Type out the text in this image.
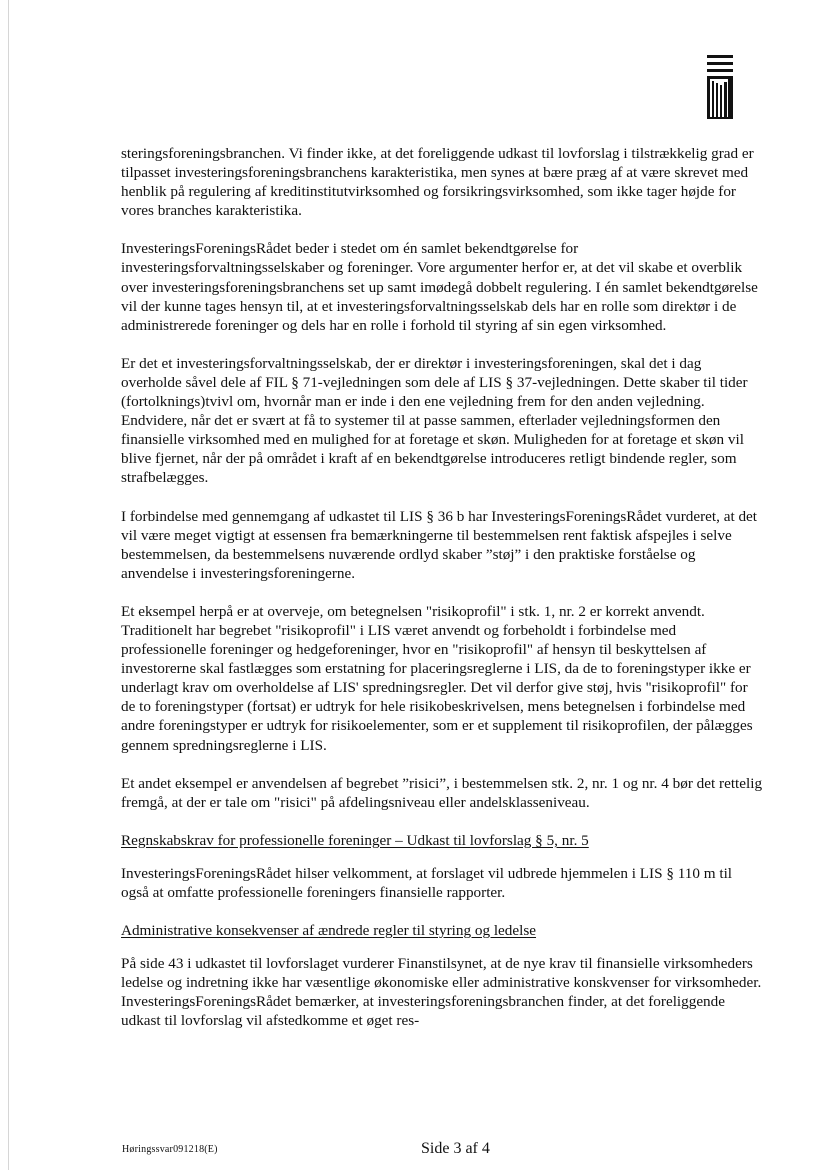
steringsforeningsbranchen. Vi finder ikke, at det foreliggende udkast til lovforslag i tilstrækkelig grad er tilpasset investeringsforeningsbranchens karakteristika, men synes at bære præg af at være skrevet med henblik på regulering af kreditinstitutvirksomhed og forsikringsvirksomhed, som ikke tager højde for vores branches karakteristika.

InvesteringsForeningsRådet beder i stedet om én samlet bekendtgørelse for investeringsforvaltningsselskaber og foreninger. Vore argumenter herfor er, at det vil skabe et overblik over investeringsforeningsbranchens set up samt imødegå dobbelt regulering. I én samlet bekendtgørelse vil der kunne tages hensyn til, at et investeringsforvaltningsselskab dels har en rolle som direktør i de administrerede foreninger og dels har en rolle i forhold til styring af sin egen virksomhed.

Er det et investeringsforvaltningsselskab, der er direktør i investeringsforeningen, skal det i dag overholde såvel dele af FIL § 71-vejledningen som dele af LIS § 37-vejledningen. Dette skaber til tider (fortolknings)tvivl om, hvornår man er inde i den ene vejledning frem for den anden vejledning. Endvidere, når det er svært at få to systemer til at passe sammen, efterlader vejledningsformen den finansielle virksomhed med en mulighed for at foretage et skøn. Muligheden for at foretage et skøn vil blive fjernet, når der på området i kraft af en bekendtgørelse introduceres retligt bindende regler, som strafbelægges.

I forbindelse med gennemgang af udkastet til LIS § 36 b har InvesteringsForeningsRådet vurderet, at det vil være meget vigtigt at essensen fra bemærkningerne til bestemmelsen rent faktisk afspejles i selve bestemmelsen, da bestemmelsens nuværende ordlyd skaber ”støj” i den praktiske forståelse og anvendelse i investeringsforeningerne.

Et eksempel herpå er at overveje, om betegnelsen "risikoprofil" i stk. 1, nr. 2 er korrekt anvendt. Traditionelt har begrebet "risikoprofil" i LIS været anvendt og forbeholdt i forbindelse med professionelle foreninger og hedgeforeninger, hvor en "risikoprofil" af hensyn til beskyttelsen af investorerne skal fastlægges som erstatning for placeringsreglerne i LIS, da de to foreningstyper ikke er underlagt krav om overholdelse af LIS' spredningsregler. Det vil derfor give støj, hvis "risikoprofil" for de to foreningstyper (fortsat) er udtryk for hele risikobeskrivelsen, mens betegnelsen i forbindelse med andre foreningstyper er udtryk for risikoelementer, som er et supplement til risikoprofilen, der pålægges gennem spredningsreglerne i LIS.

Et andet eksempel er anvendelsen af begrebet ”risici”, i bestemmelsen stk. 2, nr. 1 og nr. 4 bør det rettelig fremgå, at der er tale om "risici" på afdelingsniveau eller andelsklasseniveau.

Regnskabskrav for professionelle foreninger – Udkast til lovforslag § 5, nr. 5

InvesteringsForeningsRådet hilser velkomment, at forslaget vil udbrede hjemmelen i LIS § 110 m til også at omfatte professionelle foreningers finansielle rapporter.

Administrative konsekvenser af ændrede regler til styring og ledelse

På side 43 i udkastet til lovforslaget vurderer Finanstilsynet, at de nye krav til finansielle virksomheders ledelse og indretning ikke har væsentlige økonomiske eller administrative konskvenser for virksomheder. InvesteringsForeningsRådet bemærker, at investeringsforeningsbranchen finder, at det foreliggende udkast til lovforslag vil afstedkomme et øget res-

Høringssvar091218(E)	Side 3 af 4
